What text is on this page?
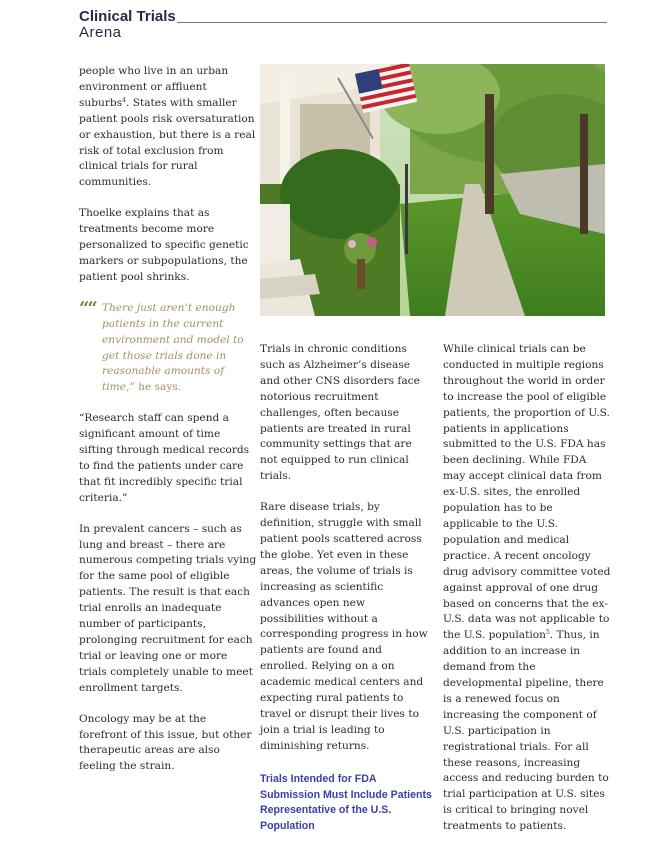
Clinical Trials
Arena

people who live in an urban environment or affluent suburbs$^4$. States with smaller patient pools risk oversaturation or exhaustion, but there is a real risk of total exclusion from clinical trials for rural communities.

Thoelke explains that as treatments become more personalized to specific genetic markers or subpopulations, the patient pool shrinks.

““ There just aren’t enough patients in the current environment and model to get those trials done in reasonable amounts of time,” he says.

“Research staff can spend a significant amount of time sifting through medical records to find the patients under care that fit incredibly specific trial criteria.”

In prevalent cancers – such as lung and breast – there are numerous competing trials vying for the same pool of eligible patients. The result is that each trial enrolls an inadequate number of participants, prolonging recruitment for each trial or leaving one or more trials completely unable to meet enrollment targets.

Oncology may be at the forefront of this issue, but other therapeutic areas are also feeling the strain.

Trials in chronic conditions such as Alzheimer’s disease and other CNS disorders face notorious recruitment challenges, often because patients are treated in rural community settings that are not equipped to run clinical trials.

Rare disease trials, by definition, struggle with small patient pools scattered across the globe. Yet even in these areas, the volume of trials is increasing as scientific advances open new possibilities without a corresponding progress in how patients are found and enrolled. Relying on a on academic medical centers and expecting rural patients to travel or disrupt their lives to join a trial is leading to diminishing returns.

Trials Intended for FDA Submission Must Include Patients Representative of the U.S. Population

While clinical trials can be conducted in multiple regions throughout the world in order to increase the pool of eligible patients, the proportion of U.S. patients in applications submitted to the U.S. FDA has been declining. While FDA may accept clinical data from ex-U.S. sites, the enrolled population has to be applicable to the U.S. population and medical practice. A recent oncology drug advisory committee voted against approval of one drug based on concerns that the ex-U.S. data was not applicable to the U.S. population$^5$. Thus, in addition to an increase in demand from the developmental pipeline, there is a renewed focus on increasing the component of U.S. participation in registrational trials. For all these reasons, increasing access and reducing burden to trial participation at U.S. sites is critical to bringing novel treatments to patients.
